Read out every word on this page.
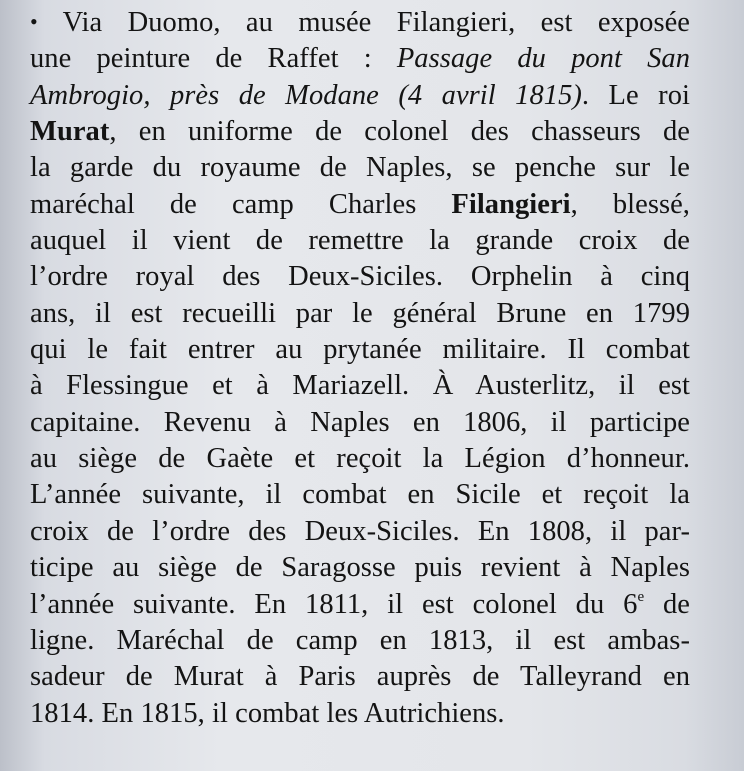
• Via Duomo, au musée Filangieri, est exposée
une peinture de Raffet : Passage du pont San
Ambrogio, près de Modane (4 avril 1815). Le roi
Murat, en uniforme de colonel des chasseurs de
la garde du royaume de Naples, se penche sur le
maréchal de camp Charles Filangieri, blessé,
auquel il vient de remettre la grande croix de
l’ordre royal des Deux-Siciles. Orphelin à cinq
ans, il est recueilli par le général Brune en 1799
qui le fait entrer au prytanée militaire. Il combat
à Flessingue et à Mariazell. À Austerlitz, il est
capitaine. Revenu à Naples en 1806, il participe
au siège de Gaète et reçoit la Légion d’honneur.
L’année suivante, il combat en Sicile et reçoit la
croix de l’ordre des Deux-Siciles. En 1808, il par-
ticipe au siège de Saragosse puis revient à Naples
l’année suivante. En 1811, il est colonel du 6e de
ligne. Maréchal de camp en 1813, il est ambas-
sadeur de Murat à Paris auprès de Talleyrand en
1814. En 1815, il combat les Autrichiens.
